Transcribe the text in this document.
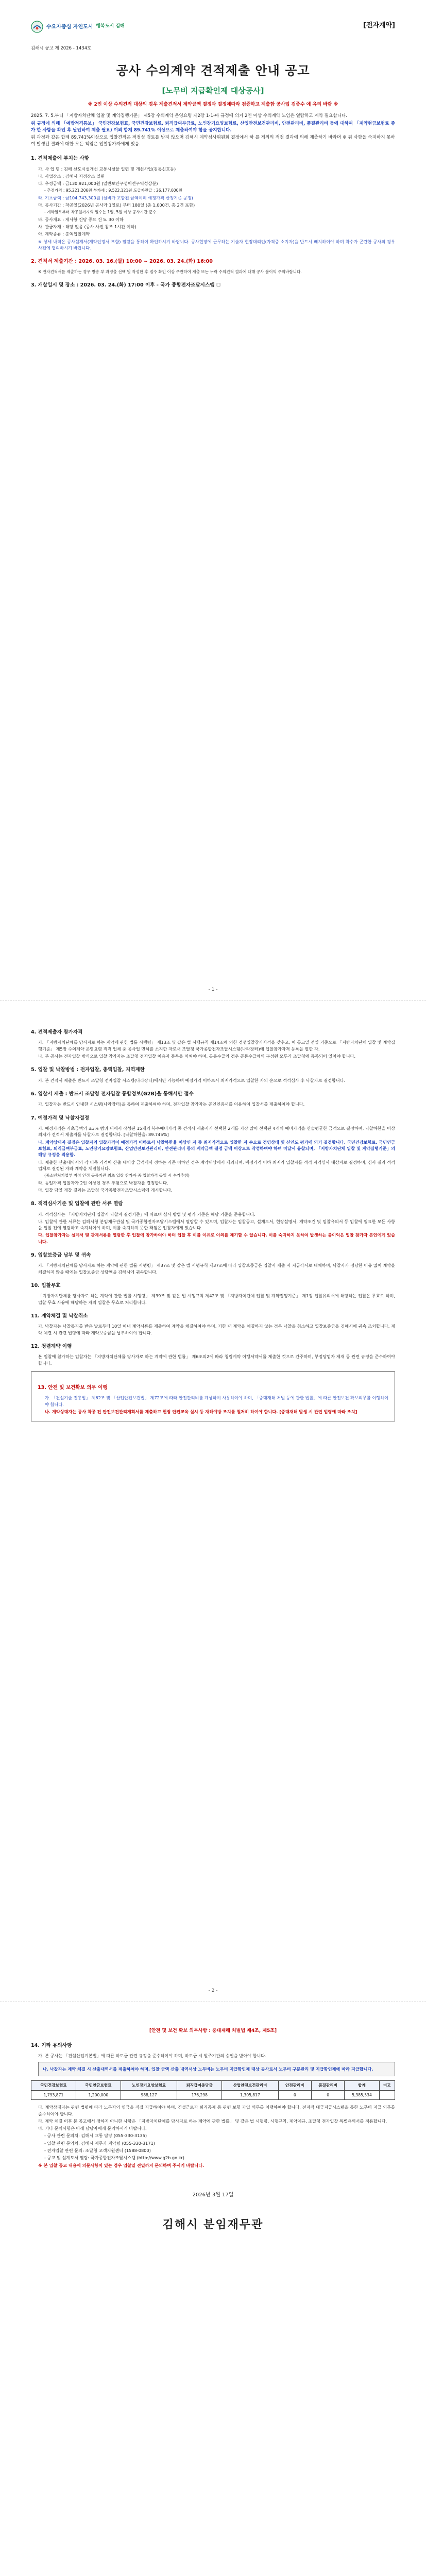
수요자중심 자연도시 행복도시 김해	[전자계약]
김해시 공고 제 2026 - 1434호
공사 수의계약 견적제출 안내 공고
[노무비 지급확인제 대상공사]
※ 2인 이상 수의견적 대상의 경우 제출견적서 계약금액 결정과 결정에따라 검증하고 제출함 공사업 검증수 에 유의 바람 ※
2025. 7. 5.부터 「지방자치단체 입찰 및 계약집행기준」 제5장 수의계약 운영요령 제2장 1-1-마 규정에 의거 2인 이상 수의계약 노임은 열람하고 계약 필요합니다.
위 규정에 의해 「예방적격통보」 국민건강보험표, 국민건강보험료, 퇴직급여부금료, 노인장기요양보험료, 산업안전보건관리비, 안전관리비, 품질관리비 등에 대하여 「계약현금보험료 증가 한 사항을 확인 후 날인하여 제출 필요) 이외 합계 89.741% 이상으로 제출하여야 함을 공지합니다.
위 과정과 같은 합계 89.741%이상으로 입찰견적은 적정성 검토를 받지 않으며 김해시 계약심사위원회 결정에서 하 를 제의의 적정 결과에 의해 제출하기 바라며 ※ 위 사항을 숙지하지 못하여 발생된 결과에 대한 모든 책임은 입찰참가자에게 있음.
1. 견적제출에 부치는 사항
가. 사 업 명 : 김해 산도시설개선 교통시설물 일련 및 개선사업(김통신호등)
나. 사업장소 : 김해시 지정장소 일원
다. 추정금액 : 금130,921,000원 (일반보안구성이전구역성상분)
- 추정가격 : 95,221,206원 부가세 : 9,522,121원 도급자관급 : 26,177,600원
라. 기초금액 : 금104,743,300원 (설비가 포함된 금액이며 예정가격 산정기준 공정)
마. 공사기간 : 착공일(2026년 공사가 1일로) 부터 180일 (총 1,000건, 총 2건 포함)
- 계약일로부터 착공일까지의 일수는 1일, 5일 이상 공사기간 준수.
바. 공사개요 : 제사항 건당 중요 건 5. 30 이하
사. 관급자재 : 해당 없음 (공사 사전 참조 1시간 이하)
아. 계약종류 : 총액입찰계약
※ 상세 내역은 공사설계서(계약인정서 포함) 열람을 통하여 확인하시기 바랍니다. 공사현장에 근무하는 기술자 현장대리인(자격증 소지자)을 반드시 배치하여야 하며 착수가 곤란한 공사의 경우 사전에 협의하시기 바랍니다.
2. 견적서 제출기간 : 2026. 03. 16.(월) 10:00 ~ 2026. 03. 24.(화) 16:00
※ 전자견적서를 제출하는 경우 방송 부 과정을 선택 및 작성한 후 접수 확인 이상 주관하여 제출 또는 누락 수의견적 결과에 대해 공사 불이익 주의바랍니다.
3. 개찰일시 및 장소 : 2026. 03. 24.(화) 17:00 이후 - 국가 종합전자조달시스템 ☐
- 1 -
4. 견적제출자 참가자격
가. 「지방자치단체를 당사자로 하는 계약에 관한 법률 시행령」 제13조 및 같은 법 시행규칙 제14조에 의한 경쟁입찰참가자격을 갖추고, 이 공고일 전일 기준으로 「지방자치단체 입찰 및 계약집행기준」 제5장 수의계약 운영요령 적격 업체 중 공사업 면허를 소지한 자로서 조달청 국가종합전자조달시스템(나라장터)에 입찰참가자격 등록을 필한 자.
나. 본 공사는 전자입찰 방식으로 입찰 참가자는 조달청 전자입찰 이용자 등록을 마쳐야 하며, 공동수급의 경우 공동수급체의 구성원 모두가 조달청에 등록되어 있어야 합니다.
5. 입찰 및 낙찰방법 : 전자입찰, 총액입찰, 지역제한
가. 본 견적서 제출은 반드시 조달청 전자입찰 시스템(나라장터)에서만 가능하며 예정가격 이하로서 최저가격으로 입찰한 자의 순으로 적격심사 후 낙찰자로 결정합니다.
6. 입찰서 제출 : 반드시 조달청 전자입찰 통합정보(G2B)을 통해서만 접수
가. 입찰자는 반드시 안내한 시스템(나라장터)을 통하여 제출하여야 하며, 전자입찰 참가자는 공인인증서를 이용하여 입찰서를 제출하여야 합니다.
7. 예정가격 및 낙찰자결정
가. 예정가격은 기초금액의 ±3% 범위 내에서 작성된 15개의 복수예비가격 중 견적서 제출자가 선택한 2개를 가장 많이 선택된 4개의 예비가격을 산술평균한 금액으로 결정하며, 낙찰하한율 이상 최저가 견적서 제출자를 낙찰자로 결정합니다. [낙찰하한율: 89.745%]
나. 계약상대자 결정은 입찰자의 입찰가격이 예정가격 이하로서 낙찰하한율 이상인 자 중 최저가격으로 입찰한 자 순으로 경영상태 및 신인도 평가에 의거 결정합니다. 국민건강보험료, 국민연금보험료, 퇴직급여부금료, 노인장기요양보험료, 산업안전보건관리비, 안전관리비 등의 계약금액 결정 금액 이상으로 작성하여야 하며 미달시 유찰되며, 「지방자치단체 입찰 및 계약집행기준」의 해당 규정을 적용함.
다. 제출한 산출내역서의 각 비목 가격이 산출 내역상 금액에서 정하는 기준 이하인 경우 계약대상에서 제외되며, 예정가격 이하 최저가 입찰자를 적격 자격심사 대상자로 결정하며, 심사 결과 적격업체로 결정된 자와 계약을 체결합니다.
(중소벤처기업부 지정 인정 공공기관 최초 입찰 참가자 중 입찰가격 동일 시 수기추첨)
라. 동일가격 입찰자가 2인 이상인 경우 추첨으로 낙찰자를 결정합니다.
마. 입찰 당일 개찰 결과는 조달청 국가종합전자조달시스템에 게시합니다.
8. 적격심사기준 및 입찰에 관한 서류 열람
가. 적격심사는 「지방자치단체 입찰시 낙찰자 결정기준」에 따르며 심사 방법 및 평가 기준은 해당 기준을 준용합니다.
나. 입찰에 관한 서류는 김해시청 분임재무관실 및 국가종합전자조달시스템에서 열람할 수 있으며, 입찰자는 입찰공고, 설계도서, 현장설명서, 계약조건 및 입찰유의서 등 입찰에 필요한 모든 사항을 입찰 전에 열람하고 숙지하여야 하며, 이를 숙지하지 못한 책임은 입찰자에게 있습니다.
다. 입찰참가자는 설계서 및 관계서류를 열람한 후 입찰에 참가하여야 하며 입찰 후 이를 이유로 이의를 제기할 수 없습니다. 이를 숙지하지 못하여 발생하는 불이익은 입찰 참가자 본인에게 있습니다.
9. 입찰보증금 납부 및 귀속
가. 「지방자치단체를 당사자로 하는 계약에 관한 법률 시행령」 제37조 및 같은 법 시행규칙 제37조에 따라 입찰보증금은 입찰서 제출 시 지급각서로 대체하며, 낙찰자가 정당한 이유 없이 계약을 체결하지 않을 때에는 입찰보증금 상당액을 김해시에 귀속합니다.
10. 입찰무효
「지방자치단체를 당사자로 하는 계약에 관한 법률 시행령」 제39조 및 같은 법 시행규칙 제42조 및 「지방자치단체 입찰 및 계약집행기준」 제1장 입찰유의서에 해당하는 입찰은 무효로 하며, 입찰 무효 사유에 해당하는 자의 입찰은 무효로 처리합니다.
11. 계약체결 및 낙찰취소
가. 낙찰자는 낙찰통지를 받은 날로부터 10일 이내 계약서류를 제출하여 계약을 체결하여야 하며, 기한 내 계약을 체결하지 않는 경우 낙찰을 취소하고 입찰보증금을 김해시에 귀속 조치합니다. 계약 체결 시 관련 법령에 따라 계약보증금을 납부하여야 합니다.
12. 청렴계약 이행
본 입찰에 참가하는 입찰자는 「지방자치단체를 당사자로 하는 계약에 관한 법률」 제6조의2에 따라 청렴계약 이행서약서를 제출한 것으로 간주하며, 부정당업자 제재 등 관련 규정을 준수하여야 합니다.
13. 안전 및 보건확보 의무 이행
가. 「건설기술 진흥법」 제62조 및 「산업안전보건법」 제72조에 따라 안전관리비를 계상하여 사용하여야 하며, 「중대재해 처벌 등에 관한 법률」에 따른 안전보건 확보의무를 이행하여야 합니다.
나. 계약상대자는 공사 착공 전 안전보건관리계획서를 제출하고 현장 안전교육 실시 등 재해예방 조치를 철저히 하여야 합니다. [중대재해 발생 시 관련 법령에 따라 조치]
- 2 -
[안전 및 보건 확보 의무사항 : 중대재해 처벌법 제4조, 제5조]
14. 기타 유의사항
가. 본 공사는 「건설산업기본법」에 따른 하도급 관련 규정을 준수하여야 하며, 하도급 시 발주기관의 승인을 받아야 합니다.
나. 낙찰자는 계약 체결 시 산출내역서를 제출하여야 하며, 입찰 금액 산출 내역서상 노무비는 노무비 지급확인제 대상 공사로서 노무비 구분관리 및 지급확인제에 따라 지급합니다.
국민건강보험료	국민연금보험료	노인장기요양보험료	퇴직급여충당금	산업안전보건관리비	안전관리비	품질관리비	합계	비고
1,793,871	1,200,000	988,127	176,298	1,305,817	0	0	5,385,534	
다. 계약상대자는 관련 법령에 따라 노무자의 임금을 직접 지급하여야 하며, 건설근로자 퇴직공제 등 관련 보험 가입 의무를 이행하여야 합니다. 전자적 대금지급시스템을 통한 노무비 지급 의무를 준수하여야 합니다.
라. 계약 체결 이후 본 공고에서 정하지 아니한 사항은 「지방자치단체를 당사자로 하는 계약에 관한 법률」 및 같은 법 시행령, 시행규칙, 계약예규, 조달청 전자입찰 특별유의서를 적용합니다.
마. 기타 문의사항은 아래 담당자에게 문의하시기 바랍니다.
- 공사 관련 문의처: 김해시 교통 담당 (055-330-3135)
- 입찰 관련 문의처: 김해시 재무과 계약팀 (055-330-3171)
- 전자입찰 관련 문의: 조달청 고객지원센터 (1588-0800)
- 공고 및 설계도서 열람: 국가종합전자조달시스템 (http://www.g2b.go.kr)
※ 본 입찰 공고 내용에 의문사항이 있는 경우 입찰일 전일까지 문의하여 주시기 바랍니다.
2026년 3월 17일
김해시 분임재무관
